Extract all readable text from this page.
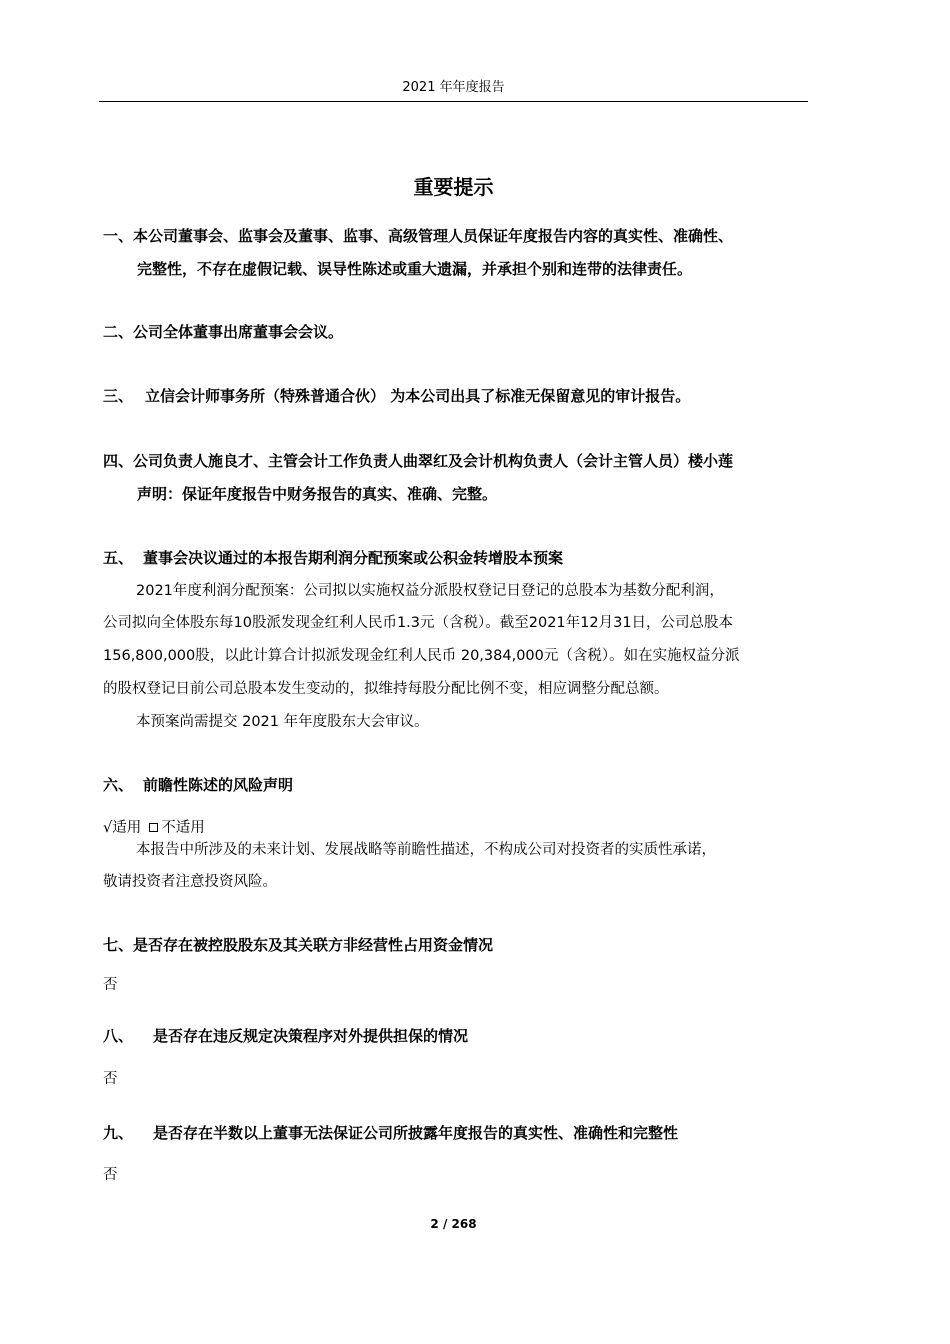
2021 年年度报告
重要提示
一、本公司董事会、监事会及董事、监事、高级管理人员保证年度报告内容的真实性、准确性、
完整性，不存在虚假记载、误导性陈述或重大遗漏，并承担个别和连带的法律责任。
二、公司全体董事出席董事会会议。
三、 立信会计师事务所（特殊普通合伙） 为本公司出具了标准无保留意见的审计报告。
四、公司负责人施良才、主管会计工作负责人曲翠红及会计机构负责人（会计主管人员）楼小莲
声明：保证年度报告中财务报告的真实、准确、完整。
五、 董事会决议通过的本报告期利润分配预案或公积金转增股本预案
2021年度利润分配预案：公司拟以实施权益分派股权登记日登记的总股本为基数分配利润，
公司拟向全体股东每10股派发现金红利人民币1.3元（含税）。截至2021年12月31日，公司总股本
156,800,000股，以此计算合计拟派发现金红利人民币 20,384,000元（含税）。如在实施权益分派
的股权登记日前公司总股本发生变动的，拟维持每股分配比例不变，相应调整分配总额。
本预案尚需提交 2021 年年度股东大会审议。
六、 前瞻性陈述的风险声明
√适用 不适用
本报告中所涉及的未来计划、发展战略等前瞻性描述，不构成公司对投资者的实质性承诺，
敬请投资者注意投资风险。
七、是否存在被控股股东及其关联方非经营性占用资金情况
否
八、 是否存在违反规定决策程序对外提供担保的情况
否
九、 是否存在半数以上董事无法保证公司所披露年度报告的真实性、准确性和完整性
否
2 / 268
